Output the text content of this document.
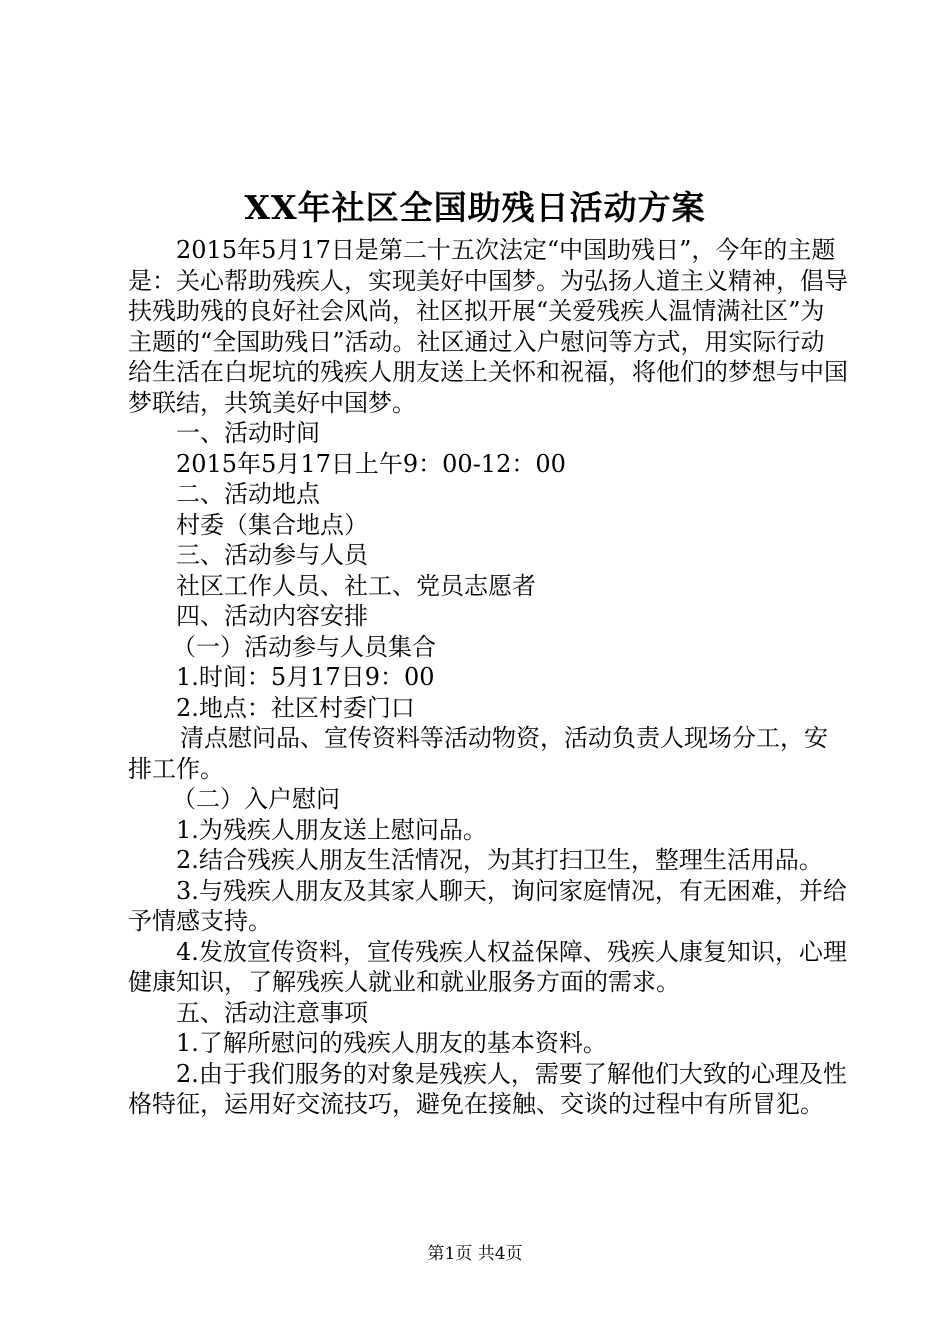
XX年社区全国助残日活动方案

2015年5月17日是第二十五次法定“中国助残日”，今年的主题是：关心帮助残疾人，实现美好中国梦。为弘扬人道主义精神，倡导扶残助残的良好社会风尚，社区拟开展“关爱残疾人温情满社区”为主题的“全国助残日”活动。社区通过入户慰问等方式，用实际行动给生活在白坭坑的残疾人朋友送上关怀和祝福，将他们的梦想与中国梦联结，共筑美好中国梦。

一、活动时间

2015年5月17日上午9：00-12：00

二、活动地点

村委（集合地点）

三、活动参与人员

社区工作人员、社工、党员志愿者

四、活动内容安排

（一）活动参与人员集合

1.时间：5月17日9：00

2.地点：社区村委门口

清点慰问品、宣传资料等活动物资，活动负责人现场分工，安排工作。

（二）入户慰问

1.为残疾人朋友送上慰问品。

2.结合残疾人朋友生活情况，为其打扫卫生，整理生活用品。

3.与残疾人朋友及其家人聊天，询问家庭情况，有无困难，并给予情感支持。

4.发放宣传资料，宣传残疾人权益保障、残疾人康复知识，心理健康知识，了解残疾人就业和就业服务方面的需求。

五、活动注意事项

1.了解所慰问的残疾人朋友的基本资料。

2.由于我们服务的对象是残疾人，需要了解他们大致的心理及性格特征，运用好交流技巧，避免在接触、交谈的过程中有所冒犯。

第1页 共4页
